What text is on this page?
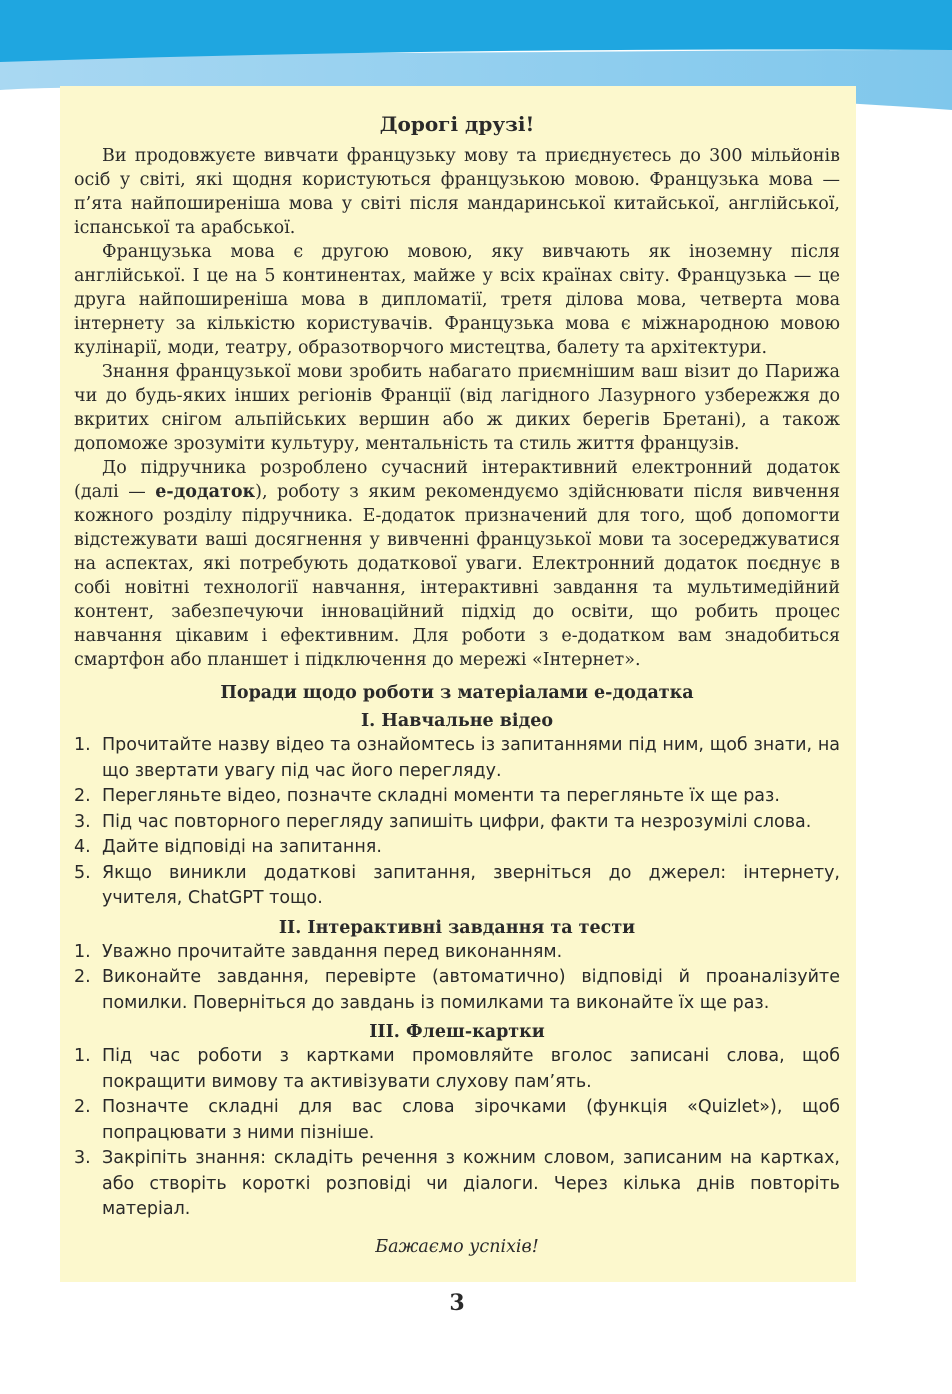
Дорогі друзі!

Ви продовжуєте вивчати французьку мову та приєднуєтесь до 300 мільйонів осіб у світі, які щодня користуються французькою мовою. Французька мова — п’ята найпоширеніша мова у світі після мандаринської китайської, англійської, іспанської та арабської.

Французька мова є другою мовою, яку вивчають як іноземну після англійської. І це на 5 континентах, майже у всіх країнах світу. Французька — це друга найпоширеніша мова в дипломатії, третя ділова мова, четверта мова інтернету за кількістю користувачів. Французька мова є міжнародною мовою кулінарії, моди, театру, образотворчого мистецтва, балету та архітектури.

Знання французької мови зробить набагато приємнішим ваш візит до Парижа чи до будь-яких інших регіонів Франції (від лагідного Лазурного узбережжя до вкритих снігом альпійських вершин або ж диких берегів Бретані), а також допоможе зрозуміти культуру, ментальність та стиль життя французів.

До підручника розроблено сучасний інтерактивний електронний додаток (далі — е-додаток), роботу з яким рекомендуємо здійснювати після вивчення кожного розділу підручника. Е-додаток призначений для того, щоб допомогти відстежувати ваші досягнення у вивченні французької мови та зосереджуватися на аспектах, які потребують додаткової уваги. Електронний додаток поєднує в собі новітні технології навчання, інтерактивні завдання та мультимедійний контент, забезпечуючи інноваційний підхід до освіти, що робить процес навчання цікавим і ефективним. Для роботи з е-додатком вам знадобиться смартфон або планшет і підключення до мережі «Інтернет».

Поради щодо роботи з матеріалами е-додатка
I. Навчальне відео
1. Прочитайте назву відео та ознайомтесь із запитаннями під ним, щоб знати, на що звертати увагу під час його перегляду.
2. Перегляньте відео, позначте складні моменти та перегляньте їх ще раз.
3. Під час повторного перегляду запишіть цифри, факти та незрозумілі слова.
4. Дайте відповіді на запитання.
5. Якщо виникли додаткові запитання, зверніться до джерел: інтернету, учителя, ChatGPT тощо.
II. Інтерактивні завдання та тести
1. Уважно прочитайте завдання перед виконанням.
2. Виконайте завдання, перевірте (автоматично) відповіді й проаналізуйте помилки. Поверніться до завдань із помилками та виконайте їх ще раз.
III. Флеш-картки
1. Під час роботи з картками промовляйте вголос записані слова, щоб покращити вимову та активізувати слухову пам’ять.
2. Позначте складні для вас слова зірочками (функція «Quizlet»), щоб попрацювати з ними пізніше.
3. Закріпіть знання: складіть речення з кожним словом, записаним на картках, або створіть короткі розповіді чи діалоги. Через кілька днів повторіть матеріал.
Бажаємо успіхів!
3
